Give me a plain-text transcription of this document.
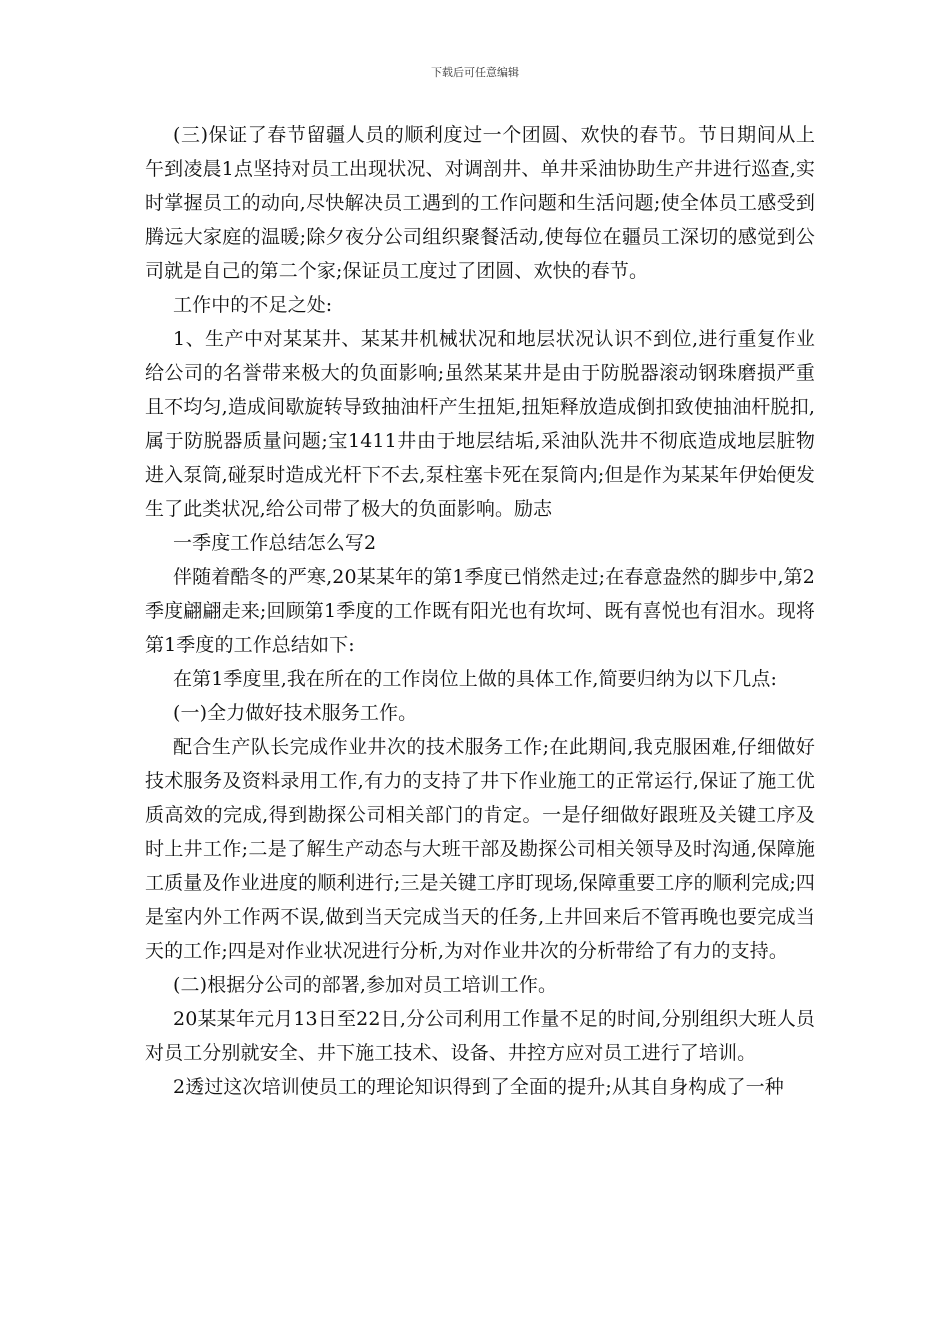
下载后可任意编辑

(三)保证了春节留疆人员的顺利度过一个团圆、欢快的春节。节日期间从上午到凌晨1点坚持对员工出现状况、对调剖井、单井采油协助生产井进行巡查,实时掌握员工的动向,尽快解决员工遇到的工作问题和生活问题;使全体员工感受到腾远大家庭的温暖;除夕夜分公司组织聚餐活动,使每位在疆员工深切的感觉到公司就是自己的第二个家;保证员工度过了团圆、欢快的春节。

工作中的不足之处:

1、生产中对某某井、某某井机械状况和地层状况认识不到位,进行重复作业给公司的名誉带来极大的负面影响;虽然某某井是由于防脱器滚动钢珠磨损严重且不均匀,造成间歇旋转导致抽油杆产生扭矩,扭矩释放造成倒扣致使抽油杆脱扣,属于防脱器质量问题;宝1411井由于地层结垢,采油队洗井不彻底造成地层脏物进入泵筒,碰泵时造成光杆下不去,泵柱塞卡死在泵筒内;但是作为某某年伊始便发生了此类状况,给公司带了极大的负面影响。励志

一季度工作总结怎么写2

伴随着酷冬的严寒,20某某年的第1季度已悄然走过;在春意盎然的脚步中,第2季度翩翩走来;回顾第1季度的工作既有阳光也有坎坷、既有喜悦也有泪水。现将第1季度的工作总结如下:

在第1季度里,我在所在的工作岗位上做的具体工作,简要归纳为以下几点:

(一)全力做好技术服务工作。

配合生产队长完成作业井次的技术服务工作;在此期间,我克服困难,仔细做好技术服务及资料录用工作,有力的支持了井下作业施工的正常运行,保证了施工优质高效的完成,得到勘探公司相关部门的肯定。一是仔细做好跟班及关键工序及时上井工作;二是了解生产动态与大班干部及勘探公司相关领导及时沟通,保障施工质量及作业进度的顺利进行;三是关键工序盯现场,保障重要工序的顺利完成;四是室内外工作两不误,做到当天完成当天的任务,上井回来后不管再晚也要完成当天的工作;四是对作业状况进行分析,为对作业井次的分析带给了有力的支持。

(二)根据分公司的部署,参加对员工培训工作。

20某某年元月13日至22日,分公司利用工作量不足的时间,分别组织大班人员对员工分别就安全、井下施工技术、设备、井控方应对员工进行了培训。

2透过这次培训使员工的理论知识得到了全面的提升;从其自身构成了一种
